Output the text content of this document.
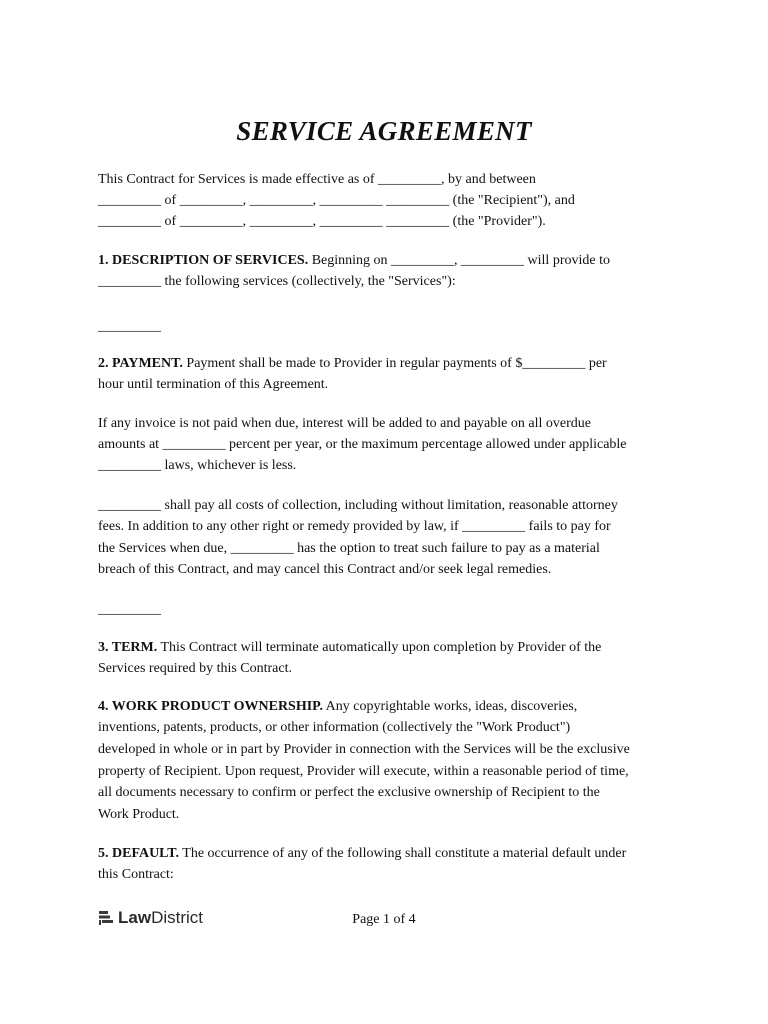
SERVICE AGREEMENT
This Contract for Services is made effective as of _________, by and between
_________ of _________, _________, _________ _________ (the "Recipient"), and
_________ of _________, _________, _________ _________ (the "Provider").
1. DESCRIPTION OF SERVICES. Beginning on _________, _________ will provide to
_________ the following services (collectively, the "Services"):
_________
2. PAYMENT. Payment shall be made to Provider in regular payments of $_________ per
hour until termination of this Agreement.
If any invoice is not paid when due, interest will be added to and payable on all overdue
amounts at _________ percent per year, or the maximum percentage allowed under applicable
_________ laws, whichever is less.
_________ shall pay all costs of collection, including without limitation, reasonable attorney
fees. In addition to any other right or remedy provided by law, if _________ fails to pay for
the Services when due, _________ has the option to treat such failure to pay as a material
breach of this Contract, and may cancel this Contract and/or seek legal remedies.
_________
3. TERM. This Contract will terminate automatically upon completion by Provider of the
Services required by this Contract.
4. WORK PRODUCT OWNERSHIP. Any copyrightable works, ideas, discoveries,
inventions, patents, products, or other information (collectively the "Work Product")
developed in whole or in part by Provider in connection with the Services will be the exclusive
property of Recipient. Upon request, Provider will execute, within a reasonable period of time,
all documents necessary to confirm or perfect the exclusive ownership of Recipient to the
Work Product.
5. DEFAULT. The occurrence of any of the following shall constitute a material default under
this Contract:
LawDistrict	Page 1 of 4
